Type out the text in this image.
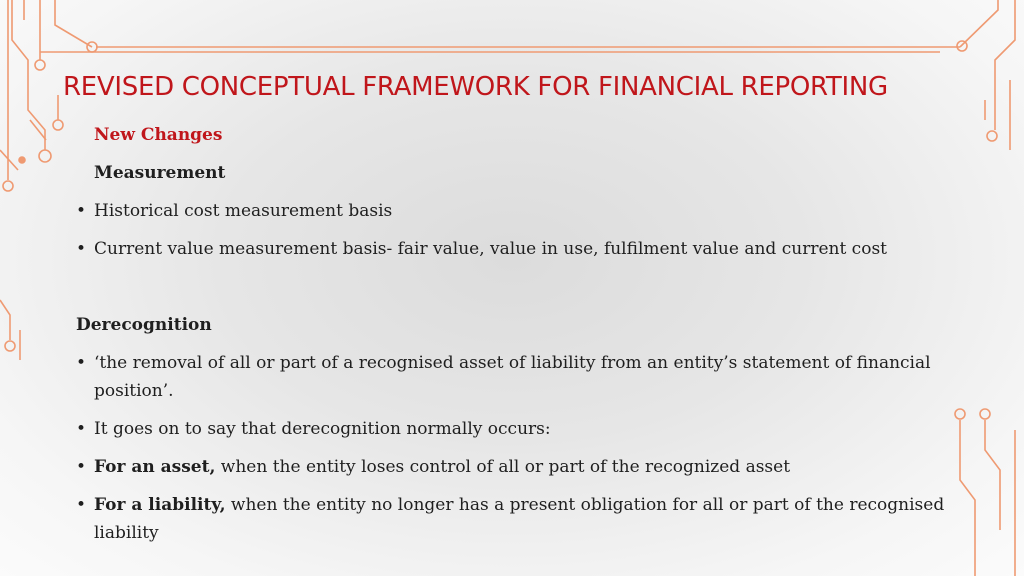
REVISED CONCEPTUAL FRAMEWORK FOR FINANCIAL REPORTING

New Changes

Measurement

• Historical cost measurement basis
• Current value measurement basis- fair value, value in use, fulfilment value and current cost

Derecognition

• ‘the removal of all or part of a recognised asset of liability from an entity’s statement of financial position’.
• It goes on to say that derecognition normally occurs:
• For an asset, when the entity loses control of all or part of the recognized asset
• For a liability, when the entity no longer has a present obligation for all or part of the recognised liability
